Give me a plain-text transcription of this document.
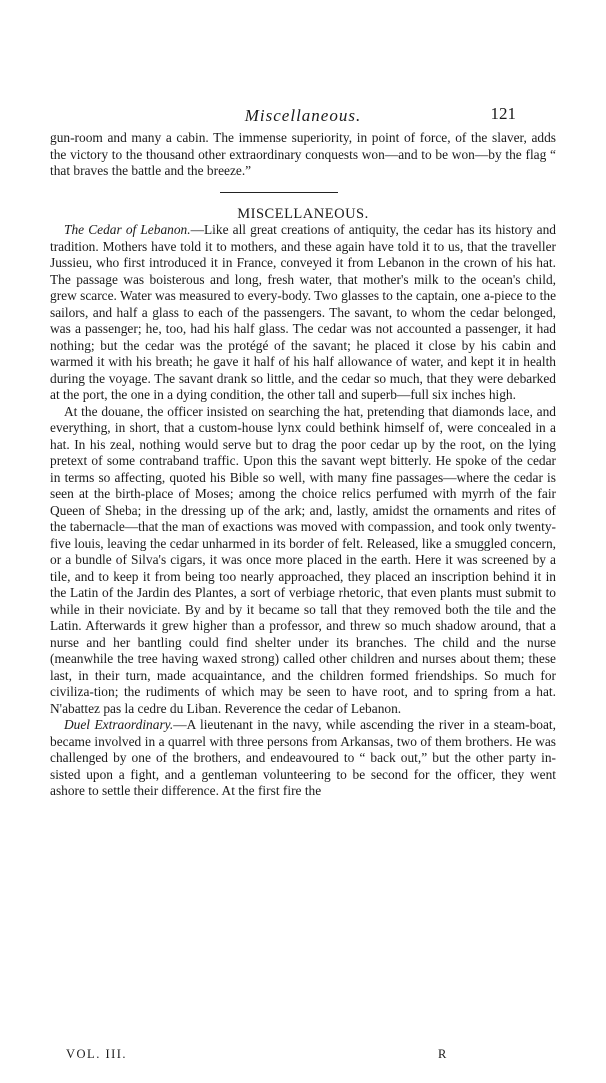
Miscellaneous.	121

gun-room and many a cabin. The immense superiority, in point of force, of the slaver, adds the victory to the thousand other extraordinary conquests won—and to be won—by the flag “ that braves the battle and the breeze.”

MISCELLANEOUS.

The Cedar of Lebanon.—Like all great creations of antiquity, the cedar has its history and tradition. Mothers have told it to mothers, and these again have told it to us, that the traveller Jussieu, who first introduced it in France, conveyed it from Lebanon in the crown of his hat. The passage was boisterous and long, fresh water, that mother's milk to the ocean's child, grew scarce. Water was measured to every-body. Two glasses to the captain, one a-piece to the sailors, and half a glass to each of the passengers. The savant, to whom the cedar belonged, was a passenger; he, too, had his half glass. The cedar was not accounted a passenger, it had nothing; but the cedar was the protégé of the savant; he placed it close by his cabin and warmed it with his breath; he gave it half of his half allowance of water, and kept it in health during the voyage. The savant drank so little, and the cedar so much, that they were debarked at the port, the one in a dying condition, the other tall and superb—full six inches high.

At the douane, the officer insisted on searching the hat, pretending that diamonds lace, and everything, in short, that a custom-house lynx could bethink himself of, were concealed in a hat. In his zeal, nothing would serve but to drag the poor cedar up by the root, on the lying pretext of some contraband traffic. Upon this the savant wept bitterly. He spoke of the cedar in terms so affecting, quoted his Bible so well, with many fine passages—where the cedar is seen at the birth-place of Moses; among the choice relics perfumed with myrrh of the fair Queen of Sheba; in the dressing up of the ark; and, lastly, amidst the ornaments and rites of the tabernacle—that the man of exactions was moved with compassion, and took only twenty-five louis, leaving the cedar unharmed in its border of felt. Released, like a smuggled concern, or a bundle of Silva's cigars, it was once more placed in the earth. Here it was screened by a tile, and to keep it from being too nearly approached, they placed an inscription behind it in the Latin of the Jardin des Plantes, a sort of verbiage rhetoric, that even plants must submit to while in their noviciate. By and by it became so tall that they removed both the tile and the Latin. Afterwards it grew higher than a professor, and threw so much shadow around, that a nurse and her bantling could find shelter under its branches. The child and the nurse (meanwhile the tree having waxed strong) called other children and nurses about them; these last, in their turn, made acquaintance, and the children formed friendships. So much for civiliza-tion; the rudiments of which may be seen to have root, and to spring from a hat. N'abattez pas la cedre du Liban. Reverence the cedar of Lebanon.

Duel Extraordinary.—A lieutenant in the navy, while ascending the river in a steam-boat, became involved in a quarrel with three persons from Arkansas, two of them brothers. He was challenged by one of the brothers, and endeavoured to “ back out,” but the other party in-sisted upon a fight, and a gentleman volunteering to be second for the officer, they went ashore to settle their difference. At the first fire the

VOL. III.	R
